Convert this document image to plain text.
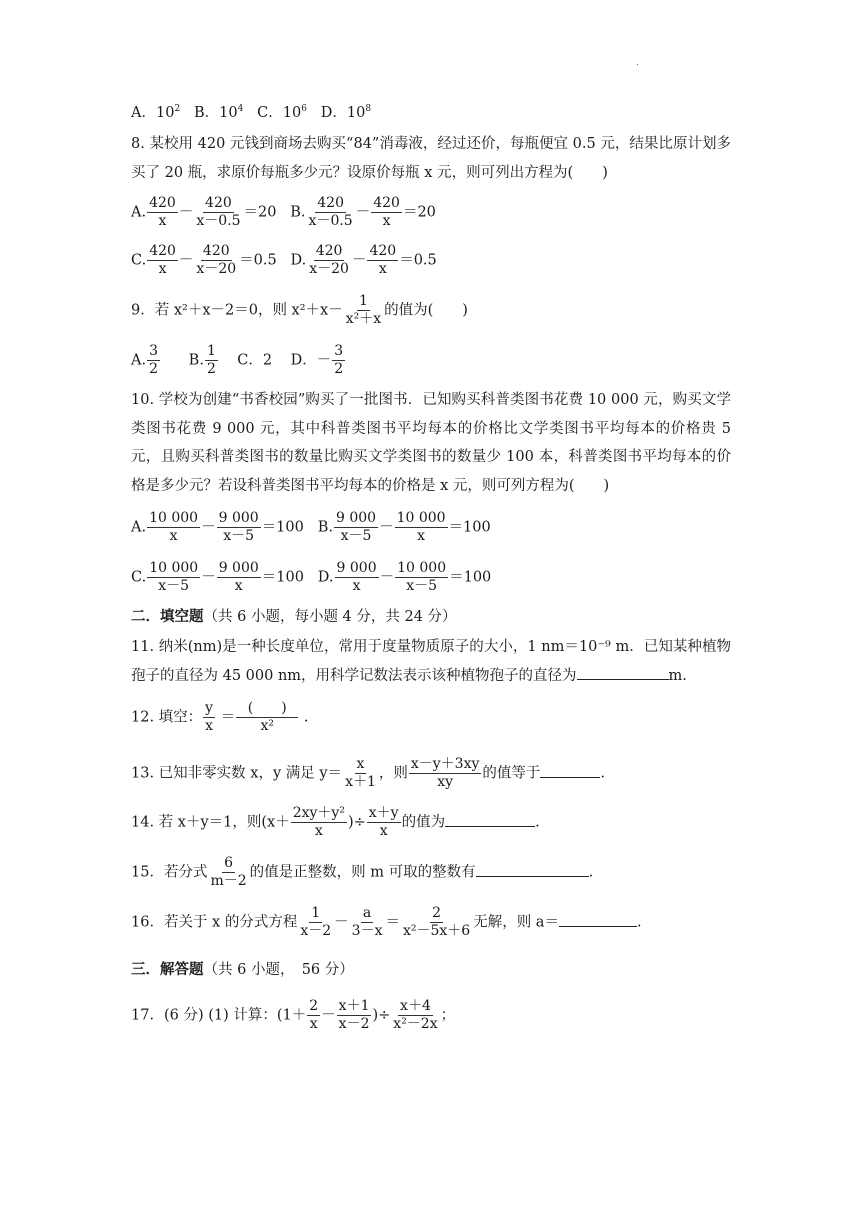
.
A．$10^2$ B．$10^4$ C．$10^6$ D．$10^8$
8. 某校用 420 元钱到商场去购买“84”消毒液，经过还价，每瓶便宜 0.5 元，结果比原计划多买了 20 瓶，求原价每瓶多少元？设原价每瓶 x 元，则可列出方程为(　　)
A. $\frac{420}{x} - \frac{420}{x-0.5} =20$ B. $\frac{420}{x-0.5} - \frac{420}{x} =20$
C. $\frac{420}{x} - \frac{420}{x-20} =0.5$ D. $\frac{420}{x-20} - \frac{420}{x} =0.5$
9．若 x²＋x－2＝0，则 $x^2+x- \frac{1}{\text{x²＋x}}$ 的值为(　　)
A. $\frac{3}{2} B$. $\frac{1}{2}$ C．2 D．－ $\frac{3}{2}$
10. 学校为创建“书香校园”购买了一批图书．已知购买科普类图书花费 10 000 元，购买文学类图书花费 9 000 元，其中科普类图书平均每本的价格比文学类图书平均每本的价格贵 5 元，且购买科普类图书的数量比购买文学类图书的数量少 100 本，科普类图书平均每本的价格是多少元？若设科普类图书平均每本的价格是 x 元，则可列方程为(　　)
A. $\frac{10 000}{x} - \frac{9 000}{x-5} =100$ B. $\frac{9 000}{x-5} - \frac{10 000}{x} =100$
C. $\frac{10 000}{x-5} - \frac{9 000}{x} =100$ D. $\frac{9 000}{x} - \frac{10 000}{x-5} =100$
二．填空题（共 6 小题，每小题 4 分，共 24 分）
11. 纳米(nm)是一种长度单位，常用于度量物质原子的大小，1 nm＝10⁻⁹ m．已知某种植物孢子的直径为 45 000 nm，用科学记数法表示该种植物孢子的直径为	m.
12. 填空： $\frac{y}{x} = \frac{( )}{\text{x²}}$ .
13. 已知非零实数 x，y 满足 $y= \frac{x}{x+1}$ ，则 $\frac{x-y+3xy}{xy}$ 的值等于	.
14. 若 x＋y＝1，则($x+ \frac{\text{2xy＋y²}}{x}$ )÷ $\frac{x+y}{x}$ 的值为	.
15．若分式 $\frac{6}{m-2}$ 的值是正整数，则 m 可取的整数有	.
16．若关于 x 的分式方程 $\frac{1}{x-2} - \frac{a}{3-x} = \frac{2}{\text{x²－5x＋6}}$ 无解，则 a＝	.
三．解答题（共 6 小题，　56 分）
17．(6 分) (1) 计算：($1+ \frac{2}{x} - \frac{x+1}{x-2}$ )÷ $\frac{x+4}{\text{x²－2x}}$ ；
